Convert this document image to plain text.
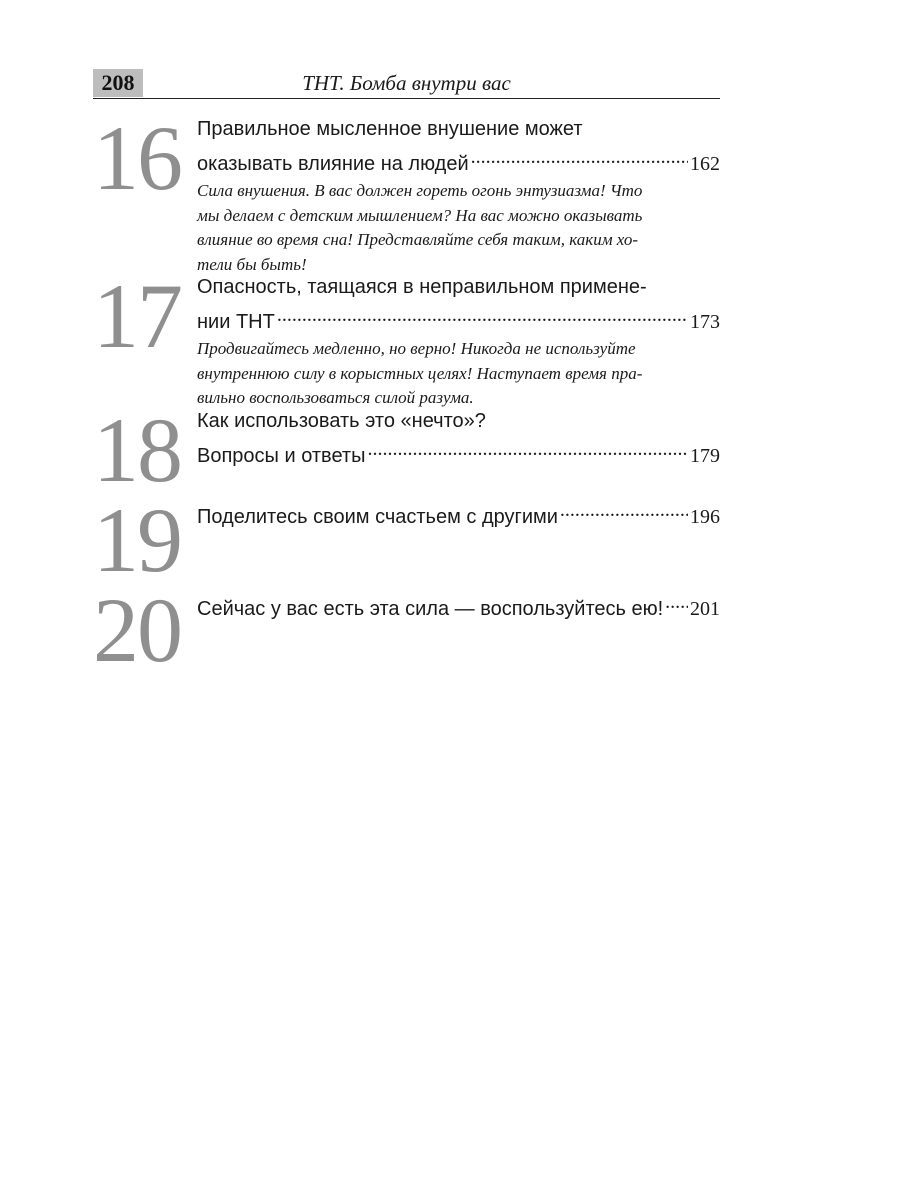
208	ТНТ. Бомба внутри вас
16 Правильное мысленное внушение может
оказывать влияние на людей .....	162
Сила внушения. В вас должен гореть огонь энтузиазма! Что
мы делаем с детским мышлением? На вас можно оказывать
влияние во время сна! Представляйте себя таким, каким хо-
тели бы быть!
17 Опасность, таящаяся в неправильном примене-
нии ТНТ .....	173
Продвигайтесь медленно, но верно! Никогда не используйте
внутреннюю силу в корыстных целях! Наступает время пра-
вильно воспользоваться силой разума.
18 Как использовать это «нечто»?
Вопросы и ответы .....	179
19 Поделитесь своим счастьем с другими .....	196
20 Сейчас у вас есть эта сила — воспользуйтесь ею! ..... 201
